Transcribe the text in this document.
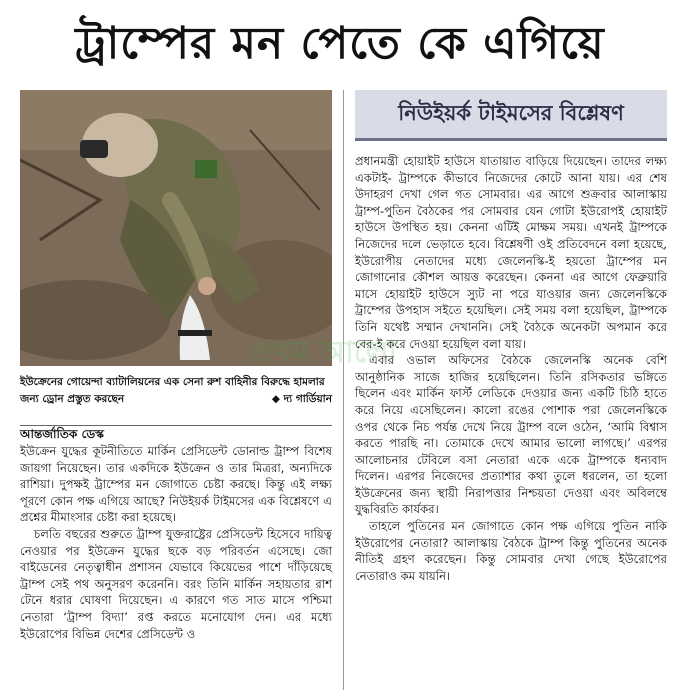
ট্রাম্পের মন পেতে কে এগিয়ে
আলো
ইউক্রেনের গোয়েন্দা ব্যাটালিয়নের এক সেনা রুশ বাহিনীর বিরুদ্ধে হামলার জন্য ড্রোন প্রস্তুত করছেন	◆ দ্য গার্ডিয়ান
আন্তর্জাতিক ডেস্ক

ইউক্রেন যুদ্ধের কূটনীতিতে মার্কিন প্রেসিডেন্ট ডোনাল্ড ট্রাম্প বিশেষ জায়গা নিয়েছেন। তার একদিকে ইউক্রেন ও তার মিত্ররা, অন্যদিকে রাশিয়া। দুপক্ষই ট্রাম্পের মন জোগাতে চেষ্টা করছে। কিন্তু এই লক্ষ্য পূরণে কোন পক্ষ এগিয়ে আছে? নিউইয়র্ক টাইমসের এক বিশ্লেষণে এ প্রশ্নের মীমাংসার চেষ্টা করা হয়েছে।

চলতি বছরের শুরুতে ট্রাম্প যুক্তরাষ্ট্রের প্রেসিডেন্ট হিসেবে দায়িত্ব নেওয়ার পর ইউক্রেন যুদ্ধের ছকে বড় পরিবর্তন এসেছে। জো বাইডেনের নেতৃত্বাধীন প্রশাসন যেভাবে কিয়েভের পাশে দাঁড়িয়েছে ট্রাম্প সেই পথ অনুসরণ করেননি। বরং তিনি মার্কিন সহায়তার রাশ টেনে ধরার ঘোষণা দিয়েছেন। এ কারণে গত সাত মাসে পশ্চিমা নেতারা ‘ট্রাম্প বিদ্যা’ রপ্ত করতে মনোযোগ দেন। এর মধ্যে ইউরোপের বিভিন্ন দেশের প্রেসিডেন্ট ও

নিউইয়র্ক টাইমসের বিশ্লেষণ

প্রধানমন্ত্রী হোয়াইট হাউসে যাতায়াত বাড়িয়ে দিয়েছেন। তাদের লক্ষ্য একটাই- ট্রাম্পকে কীভাবে নিজেদের কোটে আনা যায়। এর শেষ উদাহরণ দেখা গেল গত সোমবার। এর আগে শুক্রবার আলাস্কায় ট্রাম্প-পুতিন বৈঠকের পর সোমবার যেন গোটা ইউরোপই হোয়াইট হাউসে উপস্থিত হয়। কেননা এটিই মোক্ষম সময়। এখনই ট্রাম্পকে নিজেদের দলে ভেড়াতে হবে। বিশ্লেষণী ওই প্রতিবেদনে বলা হয়েছে, ইউরোপীয় নেতাদের মধ্যে জেলেনস্কি-ই হয়তো ট্রাম্পের মন জোগানোর কৌশল আয়ত্ত করেছেন। কেননা এর আগে ফেব্রুয়ারি মাসে হোয়াইট হাউসে স্যুট না পরে যাওয়ার জন্য জেলেনস্কিকে ট্রাম্পের উপহাস সইতে হয়েছিল। সেই সময় বলা হয়েছিল, ট্রাম্পকে তিনি যথেষ্ট সম্মান দেখাননি। সেই বৈঠকে অনেকটা অপমান করে বের-ই করে দেওয়া হয়েছিল বলা যায়।

এবার ওভাল অফিসের বৈঠকে জেলেনস্কি অনেক বেশি আনুষ্ঠানিক সাজে হাজির হয়েছিলেন। তিনি রসিকতার ভঙ্গিতে ছিলেন এবং মার্কিন ফার্স্ট লেডিকে দেওয়ার জন্য একটি চিঠি হাতে করে নিয়ে এসেছিলেন। কালো রঙের পোশাক পরা জেলেনস্কিকে ওপর থেকে নিচ পর্যন্ত দেখে নিয়ে ট্রাম্প বলে ওঠেন, ‘আমি বিশ্বাস করতে পারছি না। তোমাকে দেখে আমার ভালো লাগছে।’ এরপর আলোচনার টেবিলে বসা নেতারা একে একে ট্রাম্পকে ধন্যবাদ দিলেন। এরপর নিজেদের প্রত্যাশার কথা তুলে ধরলেন, তা হলো ইউক্রেনের জন্য স্থায়ী নিরাপত্তার নিশ্চয়তা দেওয়া এবং অবিলম্বে যুদ্ধবিরতি কার্যকর।

তাহলে পুতিনের মন জোগাতে কোন পক্ষ এগিয়ে পুতিন নাকি ইউরোপের নেতারা? আলাস্কায় বৈঠকে ট্রাম্প কিন্তু পুতিনের অনেক নীতিই গ্রহণ করেছেন। কিন্তু সোমবার দেখা গেছে ইউরোপের নেতারাও কম যায়নি।
